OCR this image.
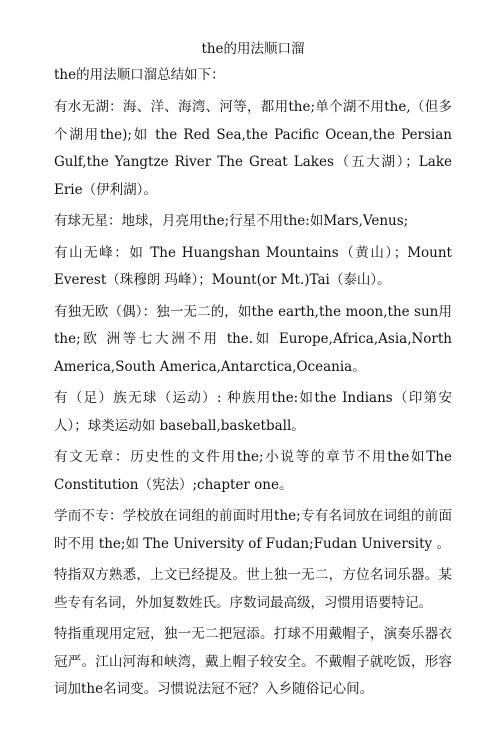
the的用法顺口溜
the的用法顺口溜总结如下：

有水无湖：海、洋、海湾、河等，都用the;单个湖不用the,（但多个湖用the);如 the Red Sea,the Pacific Ocean,the Persian Gulf,the Yangtze River The Great Lakes（五大湖）；Lake Erie（伊利湖）。

有球无星：地球，月亮用the;行星不用the:如Mars,Venus;

有山无峰：如 The Huangshan Mountains（黄山）；Mount Everest（珠穆朗 玛峰）；Mount(or Mt.)Tai（泰山）。

有独无欧（偶）：独一无二的，如the earth,the moon,the sun用the;欧 洲等七大洲不用 the.如 Europe,Africa,Asia,North America,South America,Antarctica,Oceania。

有（足）族无球（运动）: 种族用the:如the Indians（印第安人）；球类运动如 baseball,basketball。

有文无章：历史性的文件用the;小说等的章节不用the如The Constitution（宪法）;chapter one。

学而不专：学校放在词组的前面时用the;专有名词放在词组的前面时不用 the;如 The University of Fudan;Fudan University 。

特指双方熟悉，上文已经提及。世上独一无二，方位名词乐器。某些专有名词，外加复数姓氏。序数词最高级，习惯用语要特记。

特指重现用定冠，独一无二把冠添。打球不用戴帽子，演奏乐器衣冠严。江山河海和峡湾，戴上帽子较安全。不戴帽子就吃饭，形容词加the名词变。习惯说法冠不冠？入乡随俗记心间。
